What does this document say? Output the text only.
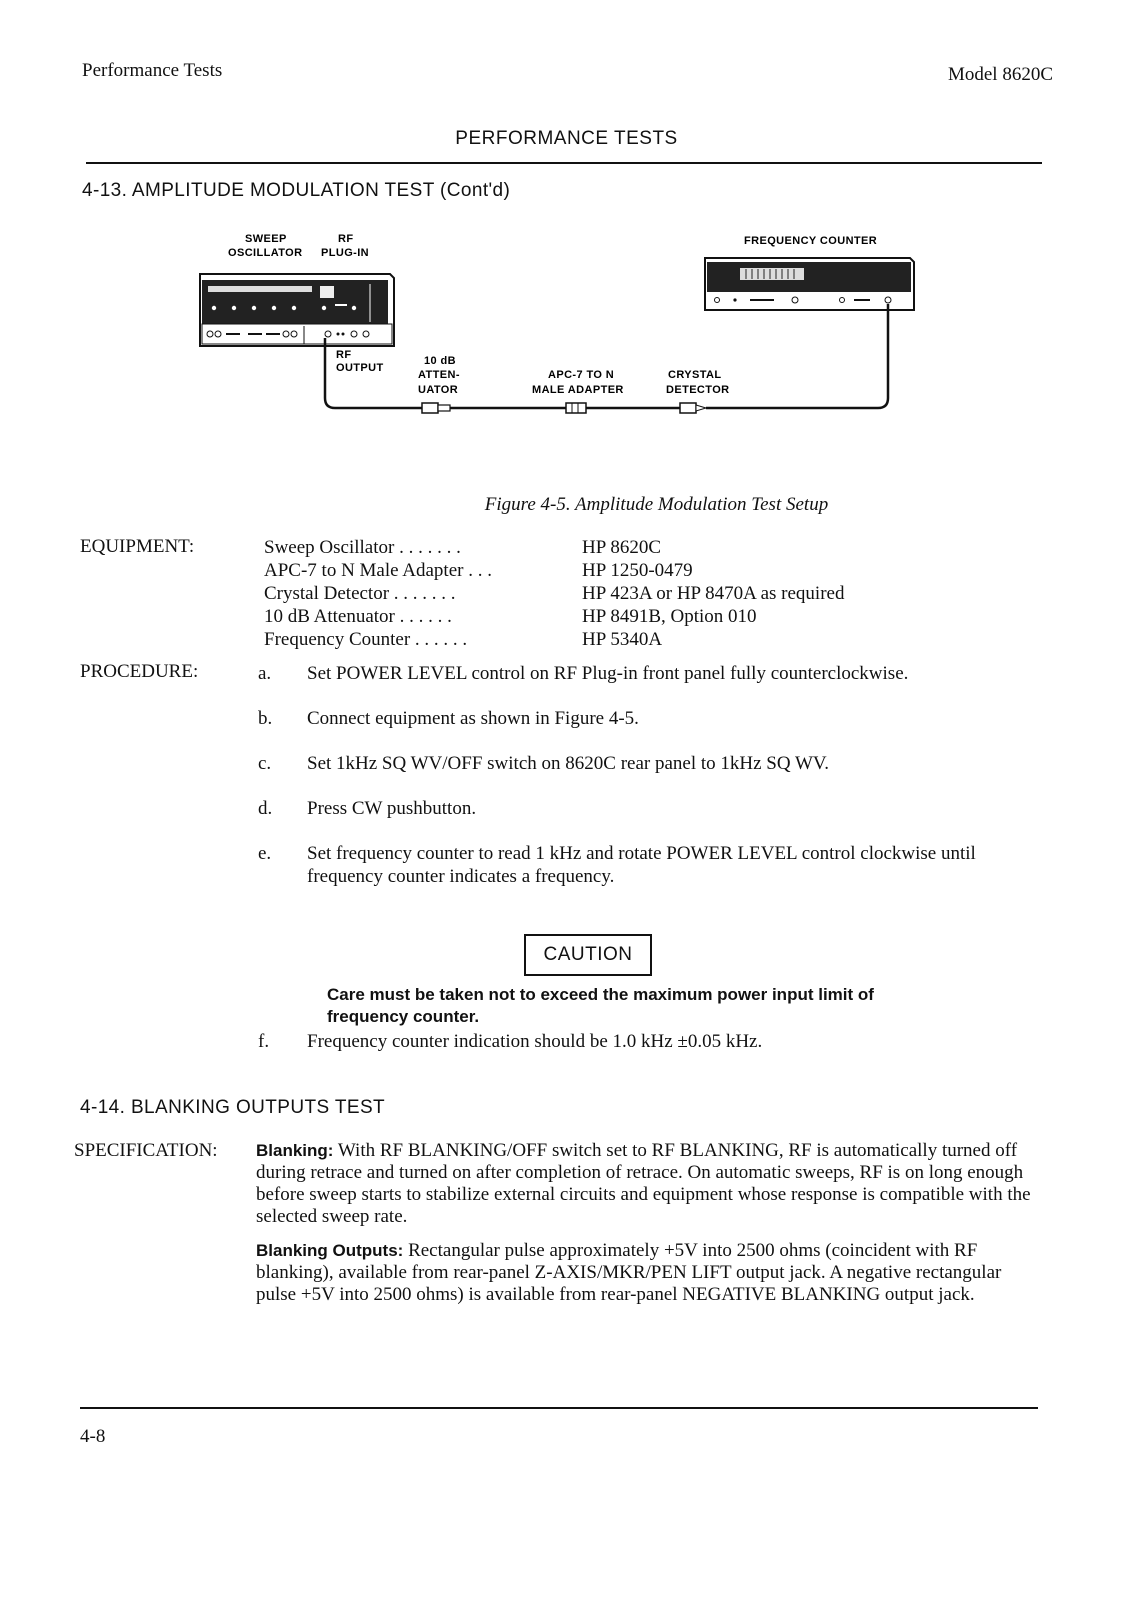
Performance Tests	Model 8620C
PERFORMANCE TESTS
4-13. AMPLITUDE MODULATION TEST (Cont'd)
SWEEP
OSCILLATOR
RF
PLUG-IN
FREQUENCY COUNTER
RF
OUTPUT
10 dB
ATTEN-
UATOR
APC-7 TO N
MALE ADAPTER
CRYSTAL
DETECTOR
Figure 4-5. Amplitude Modulation Test Setup
EQUIPMENT:	Sweep Oscillator . . . . . . .	HP 8620C
APC-7 to N Male Adapter . . .	HP 1250-0479
Crystal Detector . . . . . . .	HP 423A or HP 8470A as required
10 dB Attenuator . . . . . .	HP 8491B, Option 010
Frequency Counter . . . . . .	HP 5340A
PROCEDURE:	a.	Set POWER LEVEL control on RF Plug-in front panel fully counterclockwise.
b.	Connect equipment as shown in Figure 4-5.
c.	Set 1kHz SQ WV/OFF switch on 8620C rear panel to 1kHz SQ WV.
d.	Press CW pushbutton.
e.	Set frequency counter to read 1 kHz and rotate POWER LEVEL control clockwise until frequency counter indicates a frequency.
CAUTION
Care must be taken not to exceed the maximum power input limit of frequency counter.
f.	Frequency counter indication should be 1.0 kHz ±0.05 kHz.
4-14. BLANKING OUTPUTS TEST
SPECIFICATION: Blanking: With RF BLANKING/OFF switch set to RF BLANKING, RF is automatically turned off during retrace and turned on after completion of retrace. On automatic sweeps, RF is on long enough before sweep starts to stabilize external circuits and equipment whose response is compatible with the selected sweep rate.
Blanking Outputs: Rectangular pulse approximately +5V into 2500 ohms (coincident with RF blanking), available from rear-panel Z-AXIS/MKR/PEN LIFT output jack. A negative rectangular pulse +5V into 2500 ohms) is available from rear-panel NEGATIVE BLANKING output jack.
4-8
